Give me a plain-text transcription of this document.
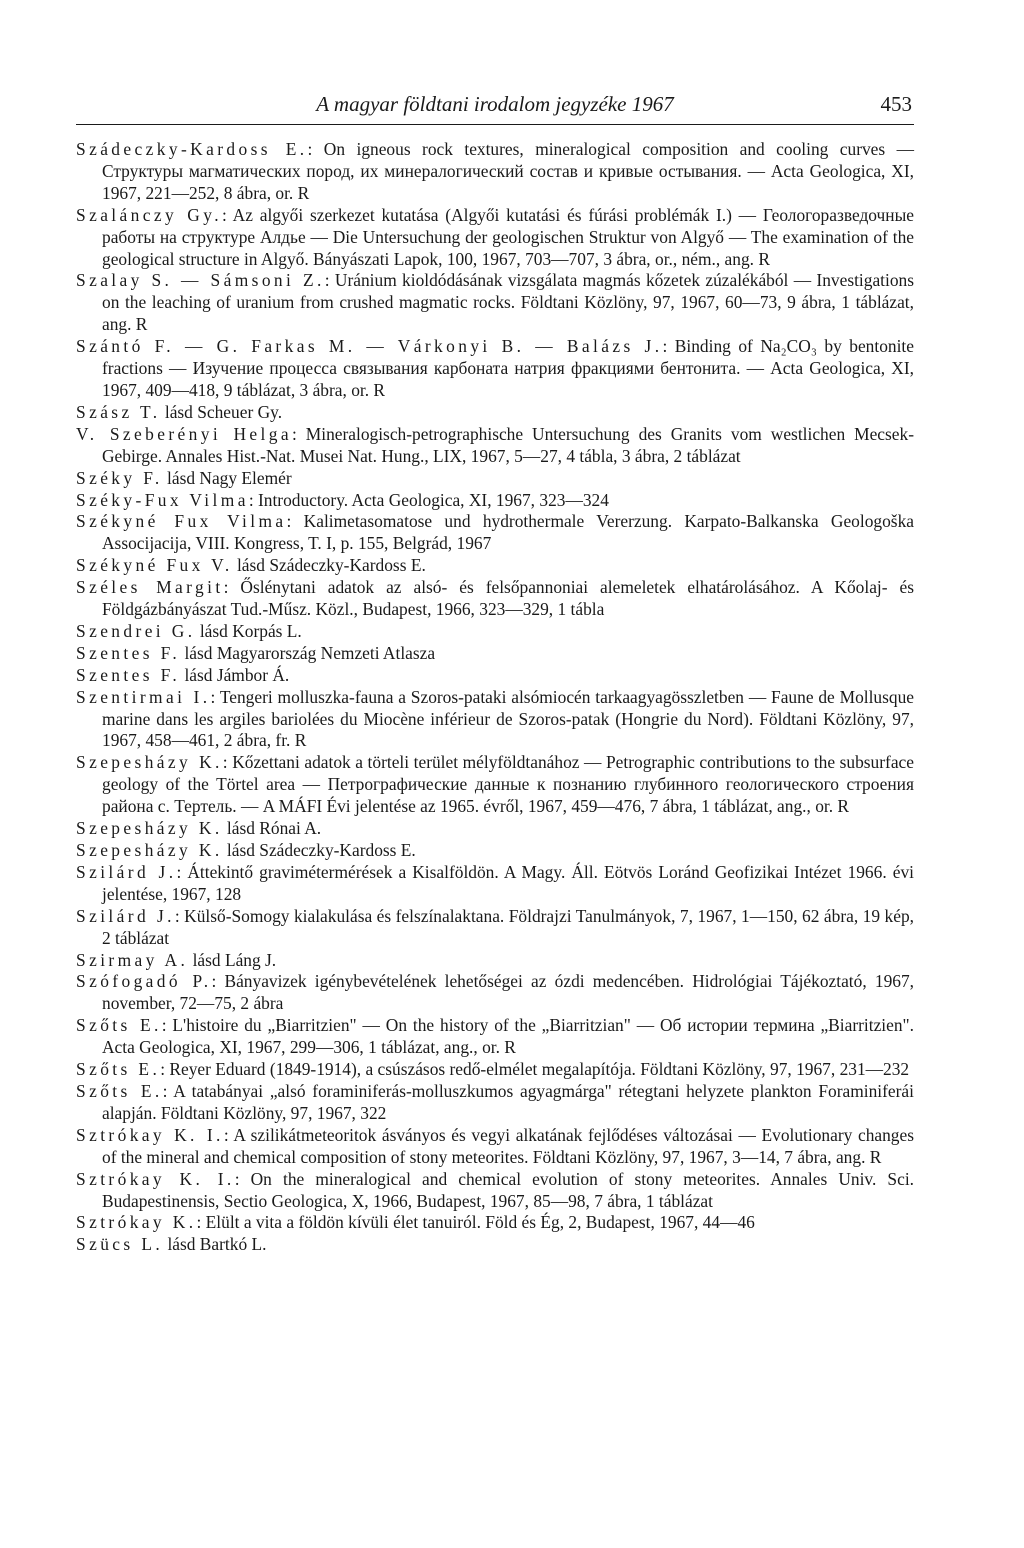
A magyar földtani irodalom jegyzéke 1967	453

Szádeczky-Kardoss E.: On igneous rock textures, mineralogical composition and cooling curves — Структуры магматических пород, их минералогический состав и кривые остывания. — Acta Geologica, XI, 1967, 221—252, 8 ábra, or. R

Szalánczy Gy.: Az algyői szerkezet kutatása (Algyői kutatási és fúrási problémák I.) — Геологоразведочные работы на структуре Алдье — Die Untersuchung der geologischen Struktur von Algyő — The examination of the geological structure in Algyő. Bányászati Lapok, 100, 1967, 703—707, 3 ábra, or., ném., ang. R

Szalay S. — Sámsoni Z.: Uránium kioldódásának vizsgálata magmás kőzetek zúzalékából — Investigations on the leaching of uranium from crushed magmatic rocks. Földtani Közlöny, 97, 1967, 60—73, 9 ábra, 1 táblázat, ang. R

Szántó F. — G. Farkas M. — Várkonyi B. — Balázs J.: Binding of Na₂CO₃ by bentonite fractions — Изучение процесса связывания карбоната натрия фракциями бентонита. — Acta Geologica, XI, 1967, 409—418, 9 táblázat, 3 ábra, or. R

Szász T. lásd Scheuer Gy.

V. Szeberényi Helga: Mineralogisch-petrographische Untersuchung des Granits vom westlichen Mecsek-Gebirge. Annales Hist.-Nat. Musei Nat. Hung., LIX, 1967, 5—27, 4 tábla, 3 ábra, 2 táblázat

Széky F. lásd Nagy Elemér

Széky-Fux Vilma: Introductory. Acta Geologica, XI, 1967, 323—324

Székyné Fux Vilma: Kalimetasomatose und hydrothermale Vererzung. Karpato-Balkanska Geologoška Associjacija, VIII. Kongress, T. I, p. 155, Belgrád, 1967

Székyné Fux V. lásd Szádeczky-Kardoss E.

Széles Margit: Őslénytani adatok az alsó- és felsőpannoniai alemeletek elhatárolásához. A Kőolaj- és Földgázbányászat Tud.-Műsz. Közl., Budapest, 1966, 323—329, 1 tábla

Szendrei G. lásd Korpás L.

Szentes F. lásd Magyarország Nemzeti Atlasza

Szentes F. lásd Jámbor Á.

Szentirmai I.: Tengeri molluszka-fauna a Szoros-pataki alsómiocén tarkaagyagösszletben — Faune de Mollusque marine dans les argiles bariolées du Miocène inférieur de Szoros-patak (Hongrie du Nord). Földtani Közlöny, 97, 1967, 458—461, 2 ábra, fr. R

Szepesházy K.: Kőzettani adatok a törteli terület mélyföldtanához — Petrographic contributions to the subsurface geology of the Törtel area — Петрографические данные к познанию глубинного геологического строения района с. Тертель. — A MÁFI Évi jelentése az 1965. évről, 1967, 459—476, 7 ábra, 1 táblázat, ang., or. R

Szepesházy K. lásd Rónai A.

Szepesházy K. lásd Szádeczky-Kardoss E.

Szilárd J.: Áttekintő gravimétermérések a Kisalföldön. A Magy. Áll. Eötvös Loránd Geofizikai Intézet 1966. évi jelentése, 1967, 128

Szilárd J.: Külső-Somogy kialakulása és felszínalaktana. Földrajzi Tanulmányok, 7, 1967, 1—150, 62 ábra, 19 kép, 2 táblázat

Szirmay A. lásd Láng J.

Szófogadó P.: Bányavizek igénybevételének lehetőségei az ózdi medencében. Hidrológiai Tájékoztató, 1967, november, 72—75, 2 ábra

Szőts E.: L'histoire du „Biarritzien" — On the history of the „Biarritzian" — Об истории термина „Biarritzien". Acta Geologica, XI, 1967, 299—306, 1 táblázat, ang., or. R

Szőts E.: Reyer Eduard (1849-1914), a csúszásos redő-elmélet megalapítója. Földtani Közlöny, 97, 1967, 231—232

Szőts E.: A tatabányai „alsó foraminiferás-molluszkumos agyagmárga" rétegtani helyzete plankton Foraminiferái alapján. Földtani Közlöny, 97, 1967, 322

Sztrókay K. I.: A szilikátmeteoritok ásványos és vegyi alkatának fejlődéses változásai — Evolutionary changes of the mineral and chemical composition of stony meteorites. Földtani Közlöny, 97, 1967, 3—14, 7 ábra, ang. R

Sztrókay K. I.: On the mineralogical and chemical evolution of stony meteorites. Annales Univ. Sci. Budapestinensis, Sectio Geologica, X, 1966, Budapest, 1967, 85—98, 7 ábra, 1 táblázat

Sztrókay K.: Elült a vita a földön kívüli élet tanuiról. Föld és Ég, 2, Budapest, 1967, 44—46

Szücs L. lásd Bartkó L.
